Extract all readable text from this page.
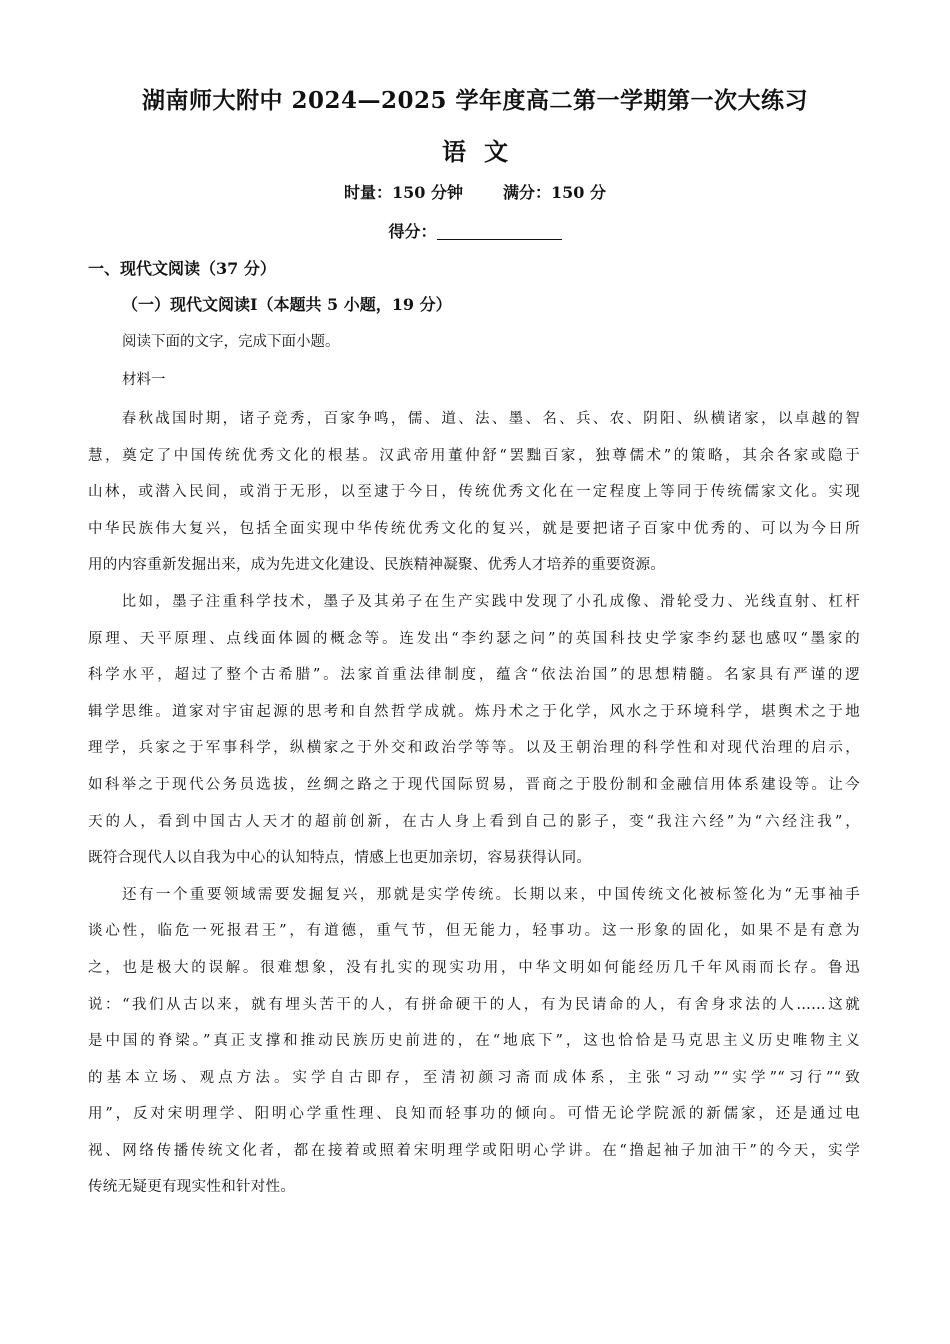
湖南师大附中 2024—2025 学年度高二第一学期第一次大练习
语文
时量：150 分钟	满分：150 分
得分：
一、现代文阅读（37 分）
（一）现代文阅读Ⅰ（本题共 5 小题，19 分）
阅读下面的文字，完成下面小题。
材料一

　　春秋战国时期，诸子竞秀，百家争鸣，儒、道、法、墨、名、兵、农、阴阳、纵横诸家，以卓越的智

慧，奠定了中国传统优秀文化的根基。汉武帝用董仲舒“罢黜百家，独尊儒术”的策略，其余各家或隐于

山林，或潜入民间，或消于无形，以至逮于今日，传统优秀文化在一定程度上等同于传统儒家文化。实现

中华民族伟大复兴，包括全面实现中华传统优秀文化的复兴，就是要把诸子百家中优秀的、可以为今日所

用的内容重新发掘出来，成为先进文化建设、民族精神凝聚、优秀人才培养的重要资源。

　　比如，墨子注重科学技术，墨子及其弟子在生产实践中发现了小孔成像、滑轮受力、光线直射、杠杆

原理、天平原理、点线面体圆的概念等。连发出“李约瑟之问”的英国科技史学家李约瑟也感叹“墨家的

科学水平，超过了整个古希腊”。法家首重法律制度，蕴含“依法治国”的思想精髓。名家具有严谨的逻

辑学思维。道家对宇宙起源的思考和自然哲学成就。炼丹术之于化学，风水之于环境科学，堪舆术之于地

理学，兵家之于军事科学，纵横家之于外交和政治学等等。以及王朝治理的科学性和对现代治理的启示，

如科举之于现代公务员选拔，丝绸之路之于现代国际贸易，晋商之于股份制和金融信用体系建设等。让今

天的人，看到中国古人天才的超前创新，在古人身上看到自己的影子，变“我注六经”为“六经注我”，

既符合现代人以自我为中心的认知特点，情感上也更加亲切，容易获得认同。

　　还有一个重要领域需要发掘复兴，那就是实学传统。长期以来，中国传统文化被标签化为“无事袖手

谈心性，临危一死报君王”，有道德，重气节，但无能力，轻事功。这一形象的固化，如果不是有意为

之，也是极大的误解。很难想象，没有扎实的现实功用，中华文明如何能经历几千年风雨而长存。鲁迅

说：“我们从古以来，就有埋头苦干的人，有拼命硬干的人，有为民请命的人，有舍身求法的人……这就

是中国的脊梁。”真正支撑和推动民族历史前进的，在“地底下”，这也恰恰是马克思主义历史唯物主义

的基本立场、观点方法。实学自古即存，至清初颜习斋而成体系，主张“习动”“实学”“习行”“致

用”，反对宋明理学、阳明心学重性理、良知而轻事功的倾向。可惜无论学院派的新儒家，还是通过电

视、网络传播传统文化者，都在接着或照着宋明理学或阳明心学讲。在“撸起袖子加油干”的今天，实学

传统无疑更有现实性和针对性。
